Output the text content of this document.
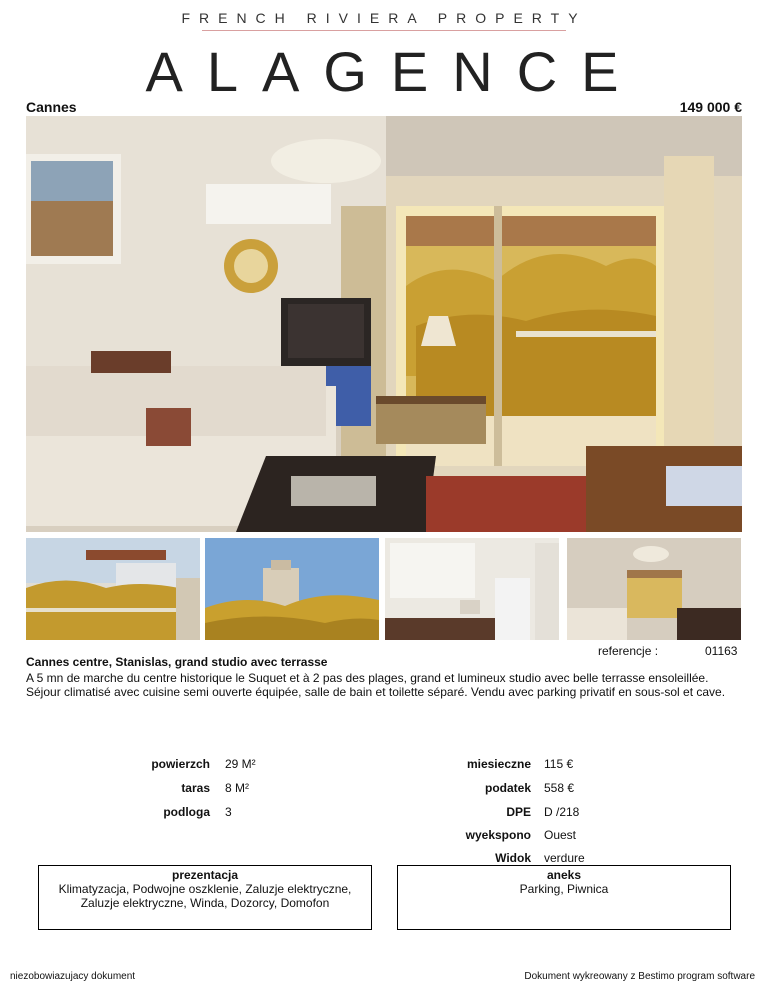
FRENCH RIVIERA PROPERTY
ALAGENCE
Cannes	149 000 €
referencje :	01163
Cannes centre, Stanislas, grand studio avec terrasse
A 5 mn de marche du centre historique le Suquet et à 2 pas des plages, grand et lumineux studio avec belle terrasse ensoleillée. Séjour climatisé avec cuisine semi ouverte équipée, salle de bain et toilette séparé. Vendu avec parking privatif en sous-sol et cave.
powierzch 29 M²
taras 8 M²
podloga 3
miesieczne 115 €
podatek 558 €
DPE D /218
wyekspono Ouest
Widok verdure
prezentacja
Klimatyzacja, Podwojne oszklenie, Zaluzje elektryczne, Zaluzje elektryczne, Winda, Dozorcy, Domofon
aneks
Parking, Piwnica
niezobowiazujacy dokument	Dokument wykreowany z Bestimo program software
